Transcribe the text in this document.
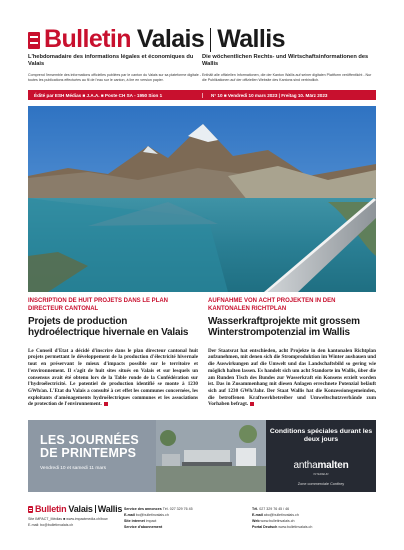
Bulletin Valais Wallis
L'hebdomadaire des informations légales et économiques du Valais
Comprend l'ensemble des informations officielles publiées par le canton du Valais sur sa plateforme digitale - toutes les publications effectuées au fil de l'eau sur le canton, à lire en version papier.
Die wöchentlichen Rechts- und Wirtschaftsinformationen des Wallis
Enthält alle offiziellen Informationen, die der Kanton Wallis auf seiner digitalen Plattform veröffentlicht - Nur die Publikationen auf der offiziellen Website des Kantons sind verbindlich.
Édité par ESH Médias ■ J.A.A. ■ Poste CH SA - 1950 Sion 1	N° 10 ■ Vendredi 10 mars 2023 | Freitag 10. März 2023
INSCRIPTION DE HUIT PROJETS DANS LE PLAN DIRECTEUR CANTONAL
Projets de production hydroélectrique hivernale en Valais
Le Conseil d'Etat a décidé d'inscrire dans le plan directeur cantonal huit projets permettant le développement de la production d'électricité hivernale tout en préservant le mieux d'impacts possible sur le territoire et l'environnement. Il s'agit de huit sites situés en Valais et sur lesquels un consensus avait été obtenu lors de la Table ronde de la Confédération sur l'hydroélectricité. Le potentiel de production identifié se monte à 1230 GWh/an. L'Etat du Valais a consulté à cet effet les communes concernées, les exploitants d'aménagements hydroélectriques communes et les associations de protection de l'environnement.
AUFNAHME VON ACHT PROJEKTEN IN DEN KANTONALEN RICHTPLAN
Wasserkraftprojekte mit grossem Winterstrompotenzial im Wallis
Der Staatsrat hat entschieden, acht Projekte in den kantonalen Richtplan aufzunehmen, mit denen sich die Stromproduktion im Winter ausbauen und die Auswirkungen auf die Umwelt und das Landschaftsbild so gering wie möglich halten lassen. Es handelt sich um acht Standorte im Wallis, über die am Runden Tisch des Bundes zur Wasserkraft ein Konsens erzielt worden ist. Das in Zusammenhang mit diesen Anlagen errechnete Potenzial beläuft sich auf 1230 GWh/Jahr. Der Staat Wallis hat die Konzessionsgemeinden, die betroffenen Kraftwerkbetreiber und Umweltschutzverbände zum Vorhaben befragt.
LES JOURNÉES
DE PRINTEMPS

Vendredi 10 et samedi 11 mars

Conditions spéciales durant les deux jours
anthamalten
INTERIEUR
Zone commerciale Conthey
Bulletin Valais Wallis
Site IMPACT_Médias ■ www.impactmedia.ch/bow
E-mail: bo@bulletinvalais.ch
Service des annonces Tél. 027 329 76 45
E-mail bo@bulletinvalais.ch
Site internet impact
Service d'abonnement
Tél. 027 329 76 45 / 46
E-mail abo@bulletinvalais.ch
Web www.bulletinvalais.ch
Portal Deutsch www.bulletinvalais.ch
